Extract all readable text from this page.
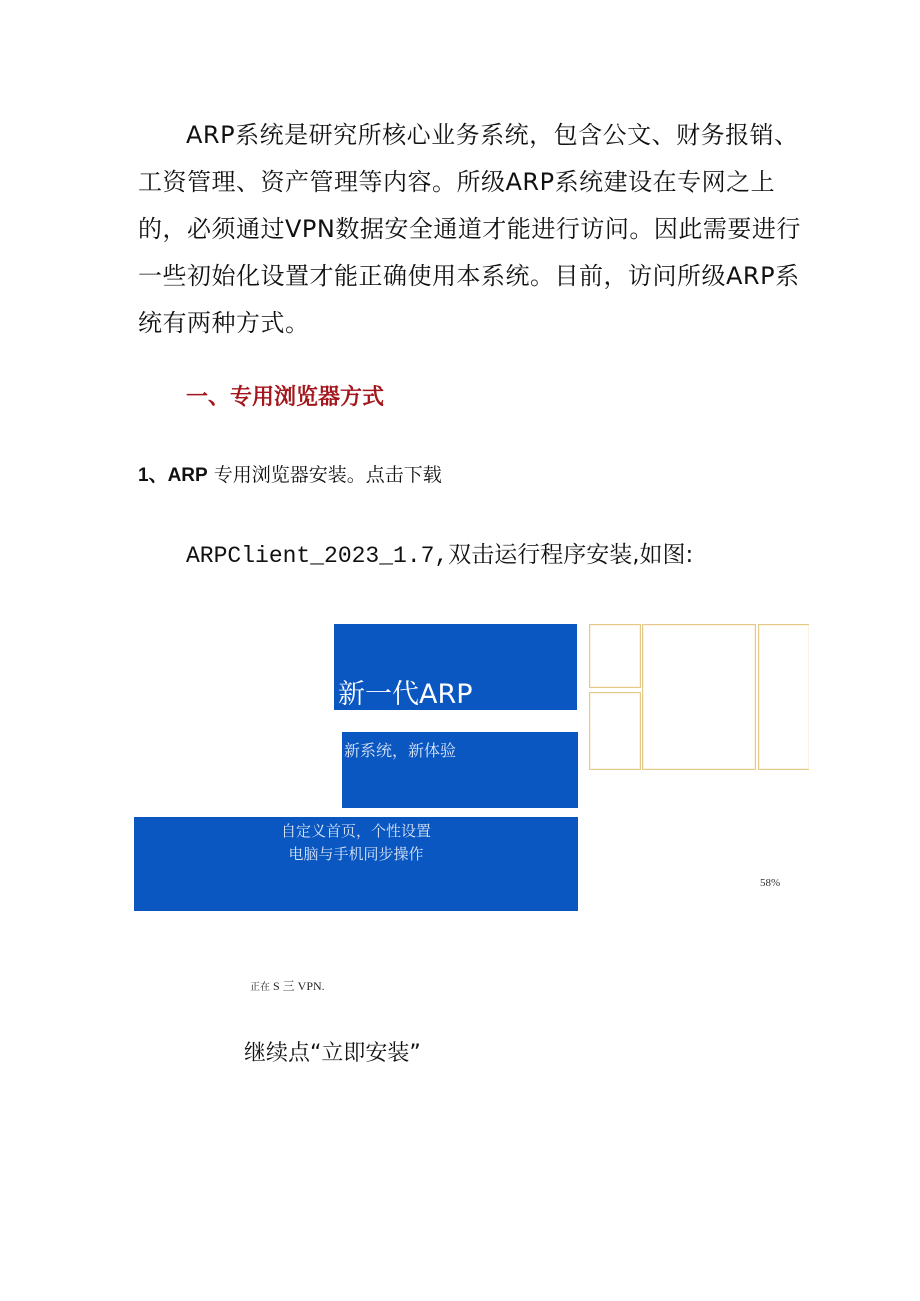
ARP系统是研究所核心业务系统，包含公文、财务报销、
工资管理、资产管理等内容。所级ARP系统建设在专网之上
的，必须通过VPN数据安全通道才能进行访问。因此需要进行
一些初始化设置才能正确使用本系统。目前，访问所级ARP系
统有两种方式。
一、专用浏览器方式
1、ARP 专用浏览器安装。点击下载
ARPClient_2023_1.7,双击运行程序安装,如图:
新一代ARP
新系统，新体验
自定义首页，个性设置
电脑与手机同步操作
58%
正在 S 三 VPN.
继续点“立即安装”
